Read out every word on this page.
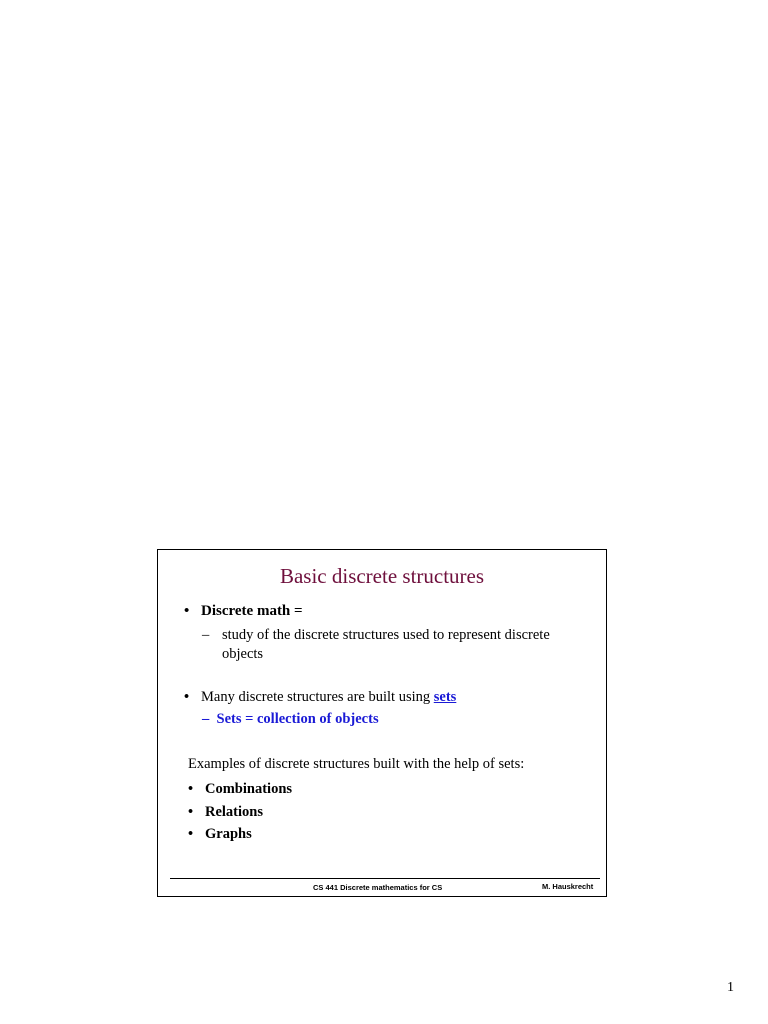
Basic discrete structures
• Discrete math =
– study of the discrete structures used to represent discrete objects
• Many discrete structures are built using sets
– Sets = collection of objects
Examples of discrete structures built with the help of sets:
• Combinations
• Relations
• Graphs
CS 441 Discrete mathematics for CS	M. Hauskrecht
1
